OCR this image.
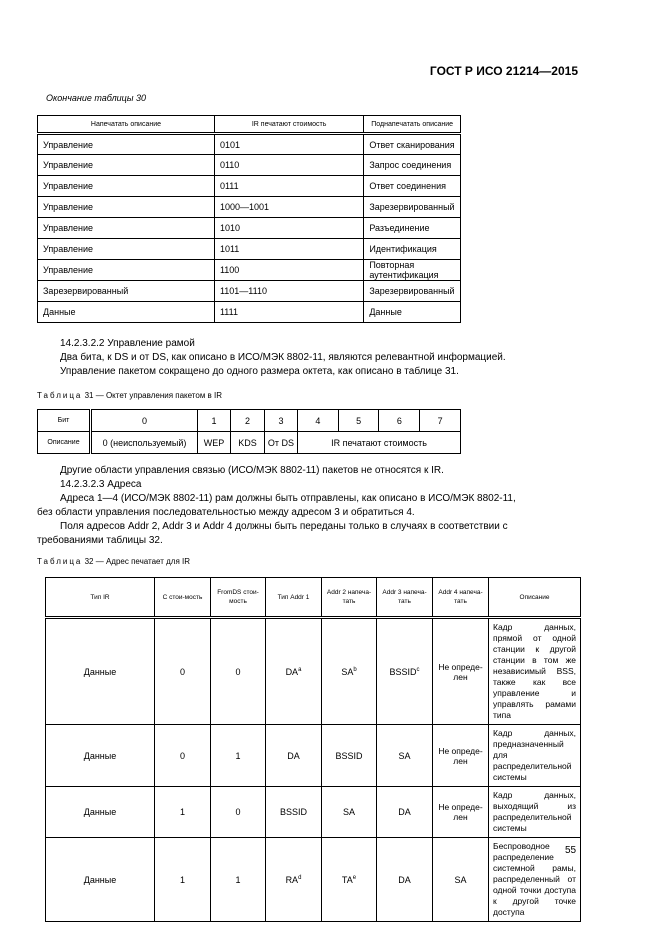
ГОСТ Р ИСО 21214—2015
Окончание таблицы 30
Напечатать описание	IR печатают стоимость	Поднапечатать описание
Управление	0101	Ответ сканирования
Управление	0110	Запрос соединения
Управление	0111	Ответ соединения
Управление	1000—1001	Зарезервированный
Управление	1010	Разъединение
Управление	1011	Идентификация
Управление	1100	Повторная аутентификация
Зарезервированный	1101—1110	Зарезервированный
Данные	1111	Данные
14.2.3.2.2 Управление рамой
Два бита, к DS и от DS, как описано в ИСО/МЭК 8802-11, являются релевантной информацией.
Управление пакетом сокращено до одного размера октета, как описано в таблице 31.
Таблица 31 — Октет управления пакетом в IR
Бит	0	1	2	3	4	5	6	7
Описание	0 (неиспользуемый)	WEP	KDS	От DS	IR печатают стоимость			
Другие области управления связью (ИСО/МЭК 8802-11) пакетов не относятся к IR.
14.2.3.2.3 Адреса
Адреса 1—4 (ИСО/МЭК 8802-11) рам должны быть отправлены, как описано в ИСО/МЭК 8802-11,
без области управления последовательностью между адресом 3 и обратиться 4.
Поля адресов Addr 2, Addr 3 и Addr 4 должны быть переданы только в случаях в соответствии с
требованиями таблицы 32.
Таблица 32 — Адрес печатает для IR
Тип IR	С стои-мость	FromDS стои-мость	Тип Addr 1	Addr 2 напеча-тать	Addr 3 напеча-тать	Addr 4 напеча-тать	Описание
Данные	0	0	$DA^a$	$SA^b$	BSSID$^c$	Не опреде-лен	Кадр данных, прямой от одной станции к другой станции в том же независимый BSS, также как все управление и управлять рамами типа
Данные	0	1	DA	BSSID	SA	Не опреде-лен	Кадр данных, предназначенный для распределительной системы
Данные	1	0	BSSID	SA	DA	Не опреде-лен	Кадр данных, выходящий из распределительной системы
Данные	1	1	$RA^d$	$TA^e$	DA	SA	Беспроводное распределение системной рамы, распределенный от одной точки доступа к другой точке доступа
55
